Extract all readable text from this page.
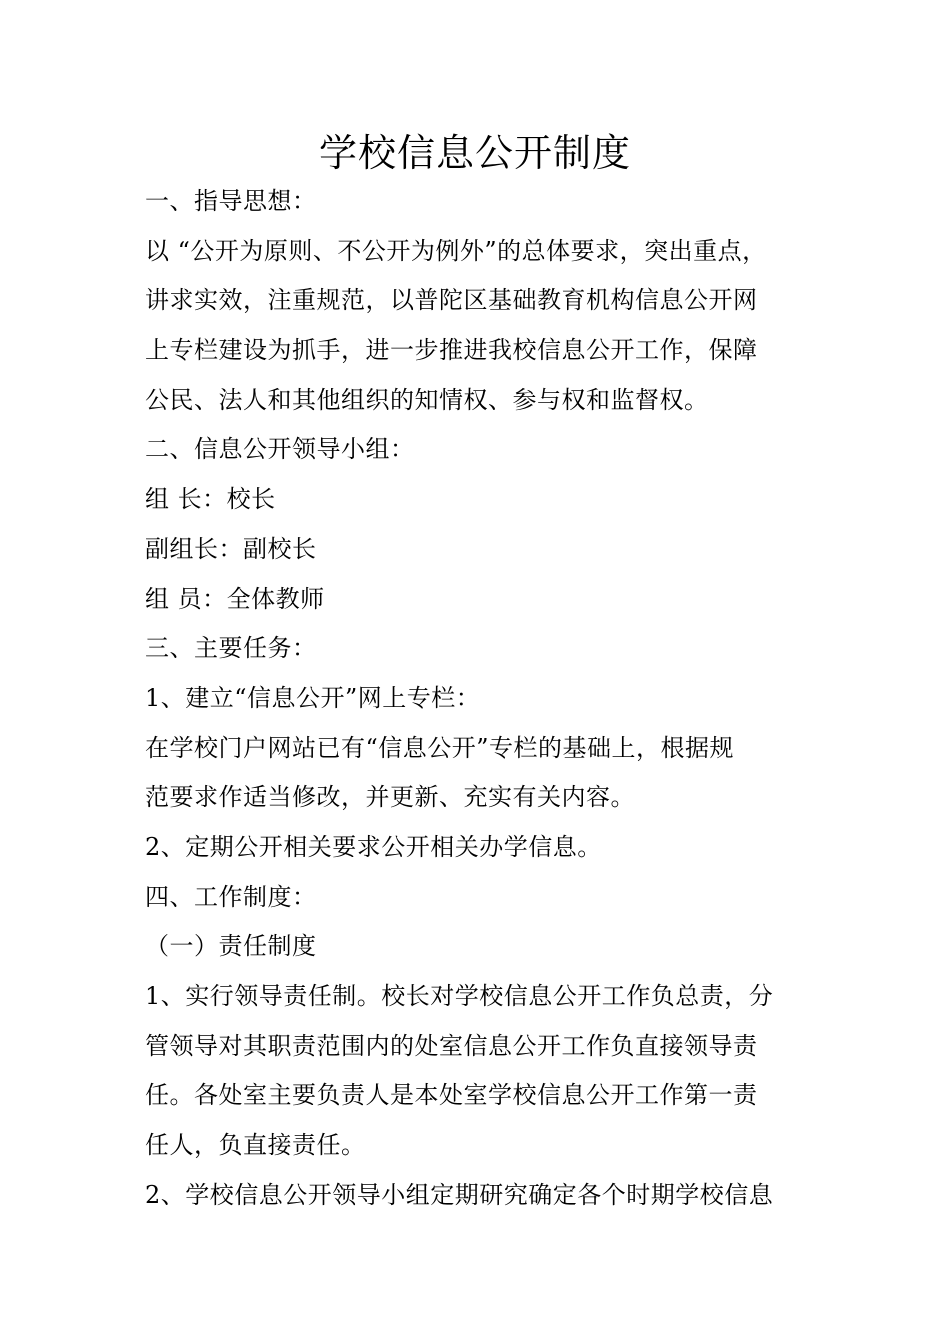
学校信息公开制度
一、指导思想：
以 “公开为原则、不公开为例外”的总体要求，突出重点，
讲求实效，注重规范，以普陀区基础教育机构信息公开网
上专栏建设为抓手，进一步推进我校信息公开工作，保障
公民、法人和其他组织的知情权、参与权和监督权。
二、信息公开领导小组：
组 长：校长
副组长：副校长
组 员：全体教师
三、主要任务：
1、建立“信息公开”网上专栏：
在学校门户网站已有“信息公开”专栏的基础上，根据规
范要求作适当修改，并更新、充实有关内容。
2、定期公开相关要求公开相关办学信息。
四、工作制度：
（一）责任制度
1、实行领导责任制。校长对学校信息公开工作负总责，分
管领导对其职责范围内的处室信息公开工作负直接领导责
任。各处室主要负责人是本处室学校信息公开工作第一责
任人，负直接责任。
2、学校信息公开领导小组定期研究确定各个时期学校信息
